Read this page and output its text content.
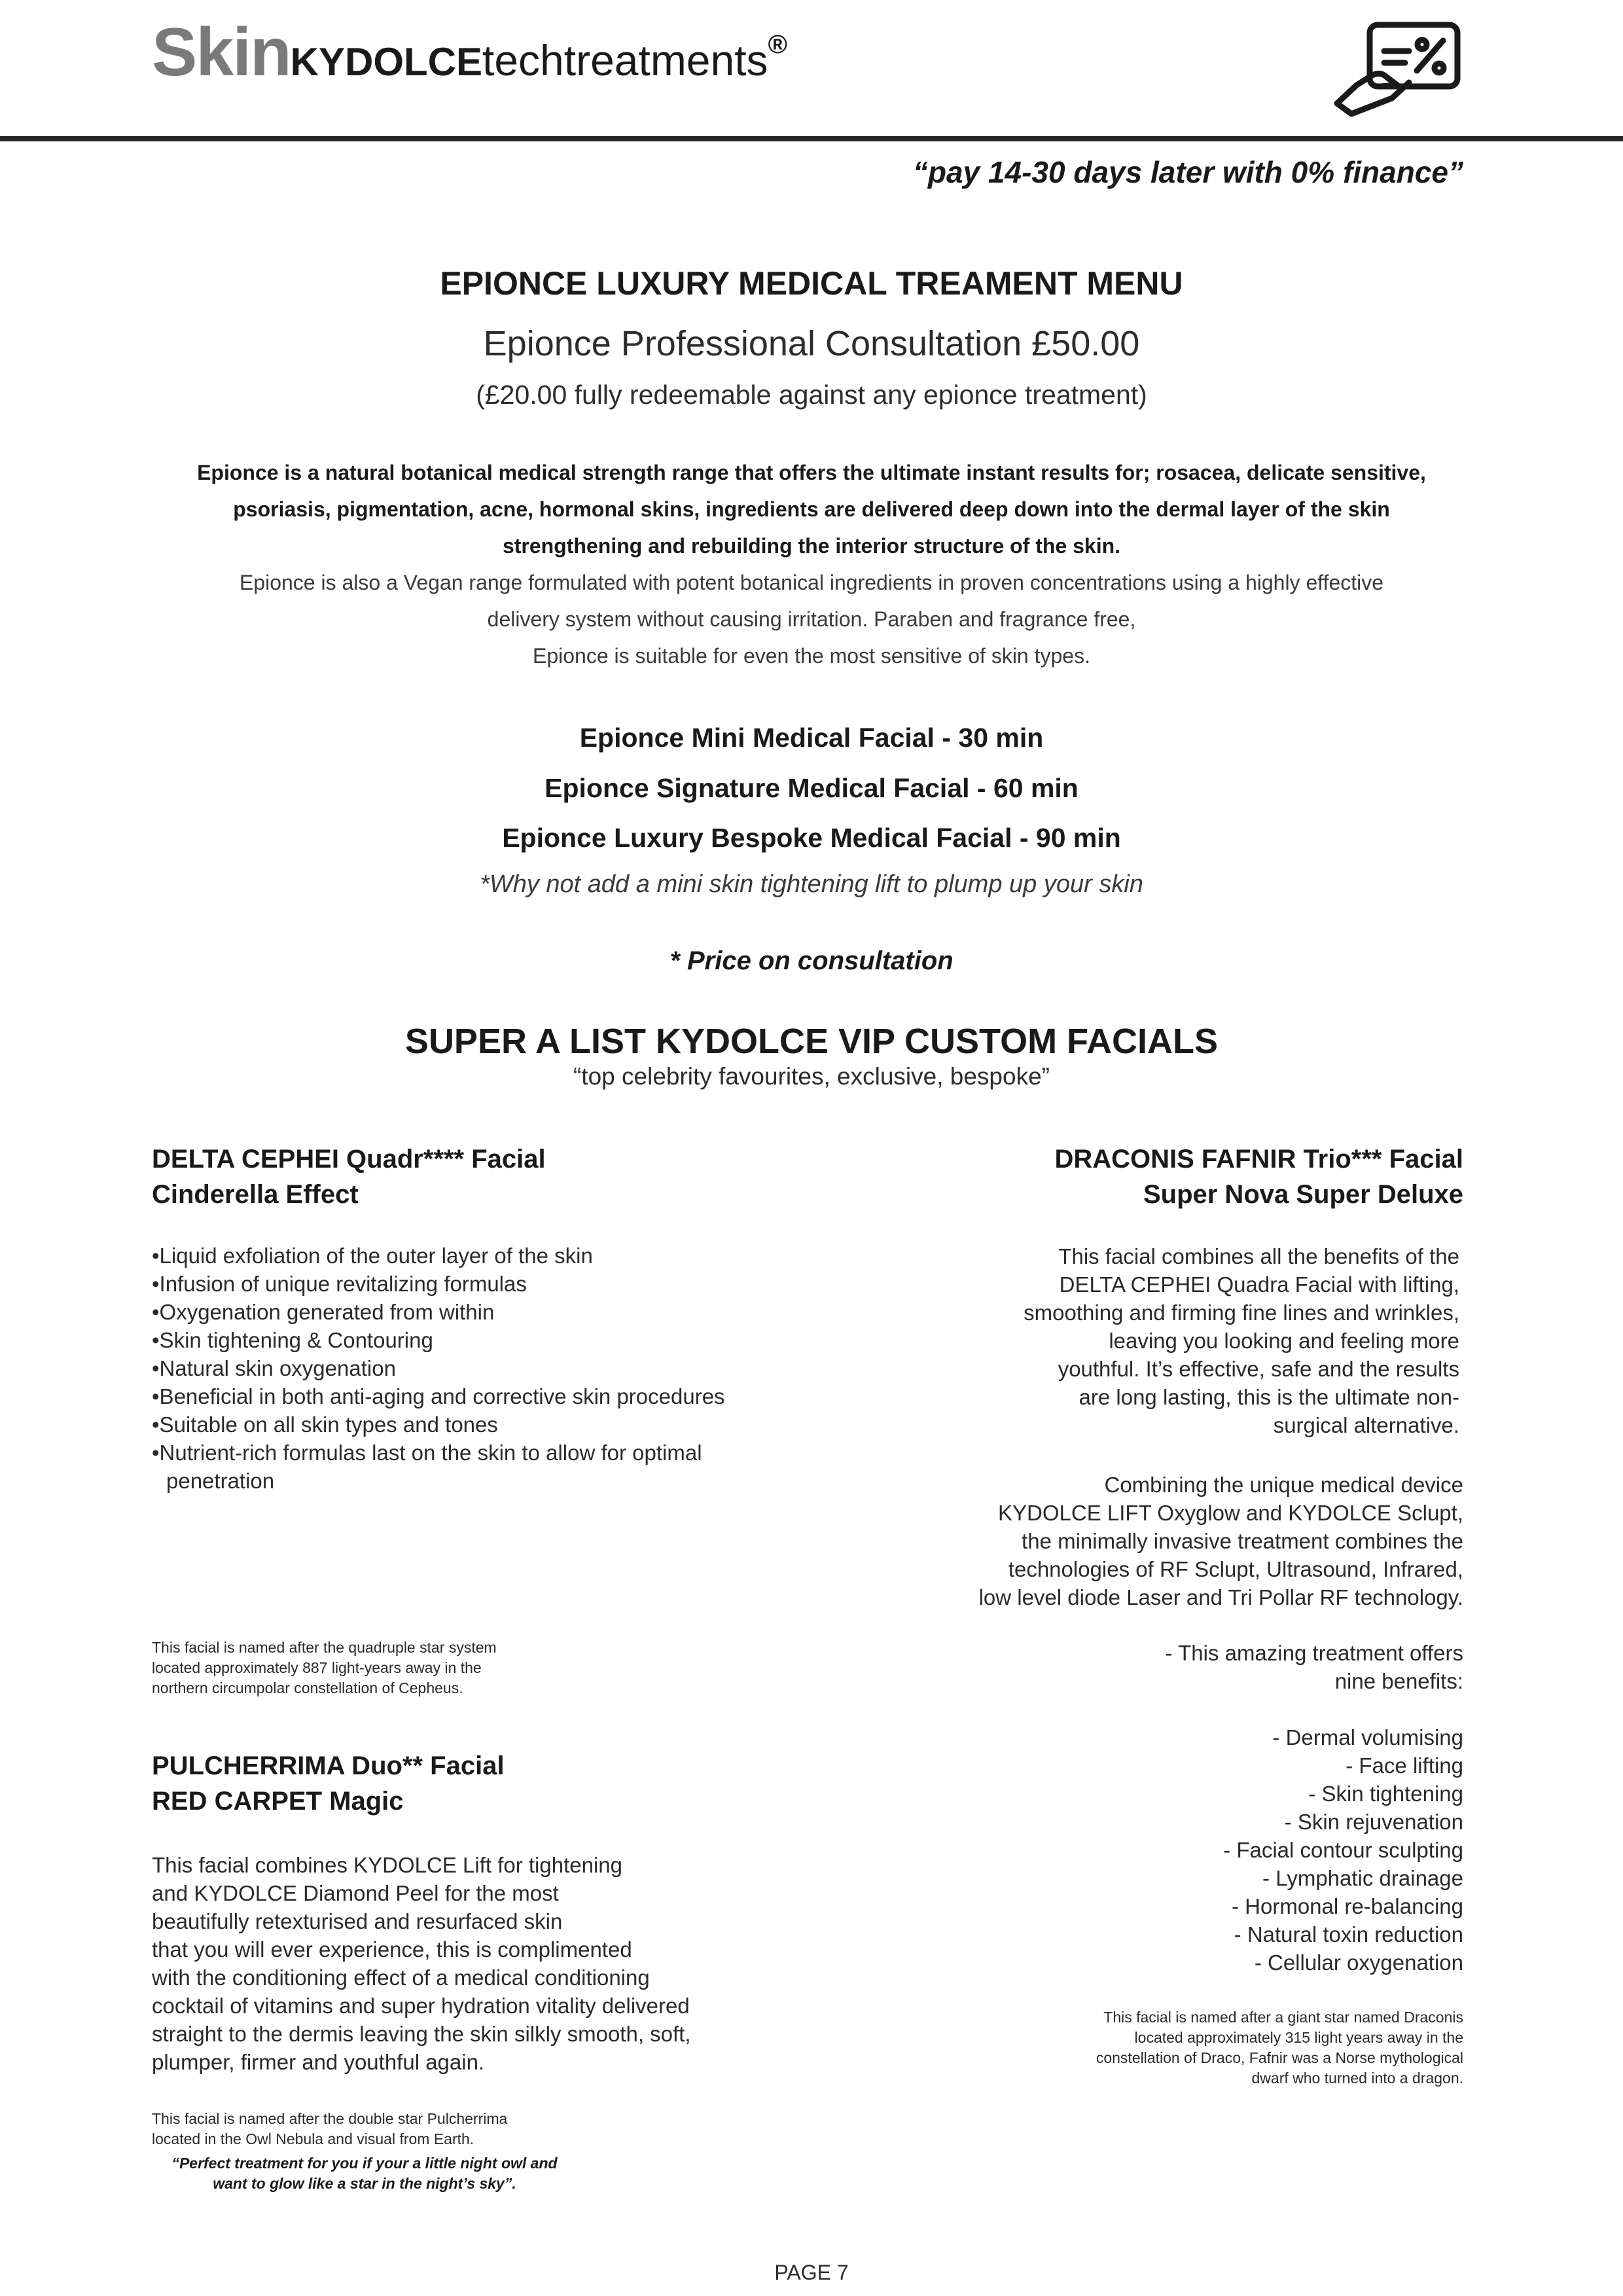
SkinKYDOLCEtechtreatments®
“pay 14-30 days later with 0% finance”
EPIONCE LUXURY MEDICAL TREAMENT MENU
Epionce Professional Consultation £50.00
(£20.00 fully redeemable against any epionce treatment)
Epionce is a natural botanical medical strength range that offers the ultimate instant results for; rosacea, delicate sensitive,
psoriasis, pigmentation, acne, hormonal skins, ingredients are delivered deep down into the dermal layer of the skin
strengthening and rebuilding the interior structure of the skin.
Epionce is also a Vegan range formulated with potent botanical ingredients in proven concentrations using a highly effective
delivery system without causing irritation. Paraben and fragrance free,
Epionce is suitable for even the most sensitive of skin types.
Epionce Mini Medical Facial - 30 min
Epionce Signature Medical Facial - 60 min
Epionce Luxury Bespoke Medical Facial - 90 min
*Why not add a mini skin tightening lift to plump up your skin
* Price on consultation
SUPER A LIST KYDOLCE VIP CUSTOM FACIALS
“top celebrity favourites, exclusive, bespoke”
DELTA CEPHEI Quadr**** Facial
Cinderella Effect
•Liquid exfoliation of the outer layer of the skin
•Infusion of unique revitalizing formulas
•Oxygenation generated from within
•Skin tightening & Contouring
•Natural skin oxygenation
•Beneficial in both anti-aging and corrective skin procedures
•Suitable on all skin types and tones
•Nutrient-rich formulas last on the skin to allow for optimal penetration
This facial is named after the quadruple star system
located approximately 887 light-years away in the
northern circumpolar constellation of Cepheus.
PULCHERRIMA Duo** Facial
RED CARPET Magic
This facial combines KYDOLCE Lift for tightening
and KYDOLCE Diamond Peel for the most
beautifully retexturised and resurfaced skin
that you will ever experience, this is complimented
with the conditioning effect of a medical conditioning
cocktail of vitamins and super hydration vitality delivered
straight to the dermis leaving the skin silkly smooth, soft,
plumper, firmer and youthful again.
This facial is named after the double star Pulcherrima
located in the Owl Nebula and visual from Earth.
“Perfect treatment for you if your a little night owl and
want to glow like a star in the night’s sky”.
DRACONIS FAFNIR Trio*** Facial
Super Nova Super Deluxe
This facial combines all the benefits of the
DELTA CEPHEI Quadra Facial with lifting,
smoothing and firming fine lines and wrinkles,
leaving you looking and feeling more
youthful. It’s effective, safe and the results
are long lasting, this is the ultimate non-
surgical alternative.
Combining the unique medical device
KYDOLCE LIFT Oxyglow and KYDOLCE Sclupt,
the minimally invasive treatment combines the
technologies of RF Sclupt, Ultrasound, Infrared,
low level diode Laser and Tri Pollar RF technology.
- This amazing treatment offers
nine benefits:
- Dermal volumising
- Face lifting
- Skin tightening
- Skin rejuvenation
- Facial contour sculpting
- Lymphatic drainage
- Hormonal re-balancing
- Natural toxin reduction
- Cellular oxygenation
This facial is named after a giant star named Draconis
located approximately 315 light years away in the
constellation of Draco, Fafnir was a Norse mythological
dwarf who turned into a dragon.
PAGE 7
